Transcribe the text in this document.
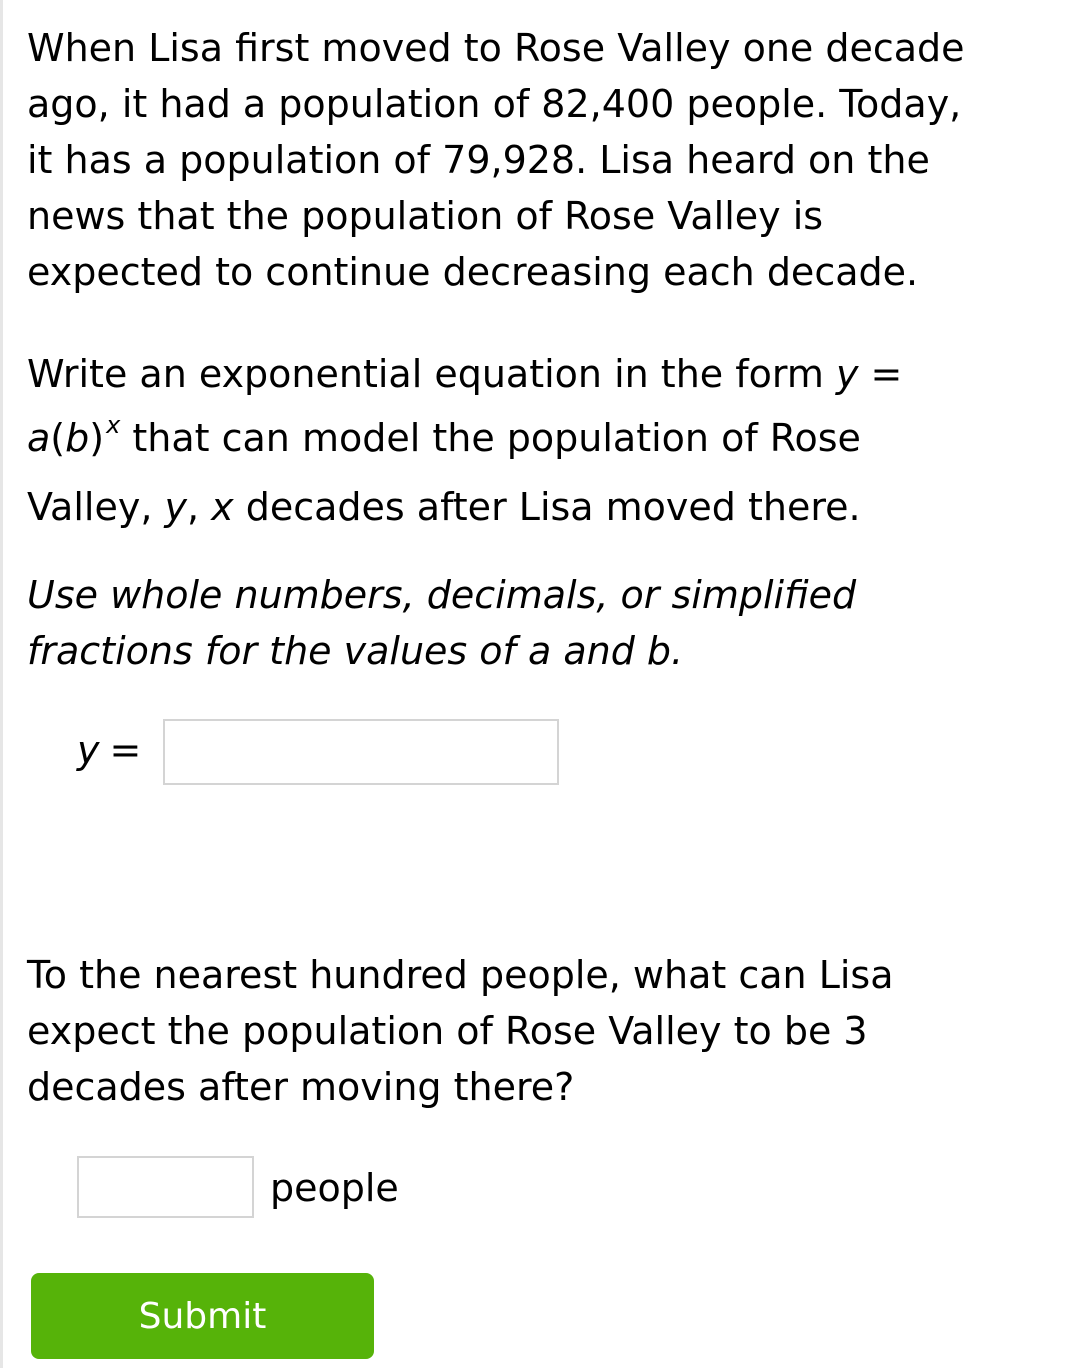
When Lisa first moved to Rose Valley one decade
ago, it had a population of 82,400 people. Today,
it has a population of 79,928. Lisa heard on the
news that the population of Rose Valley is
expected to continue decreasing each decade.

Write an exponential equation in the form y =
$a(b)^x$ that can model the population of Rose
Valley, y, x decades after Lisa moved there.

Use whole numbers, decimals, or simplified
fractions for the values of a and b.

y =

To the nearest hundred people, what can Lisa
expect the population of Rose Valley to be 3
decades after moving there?

people
Submit
